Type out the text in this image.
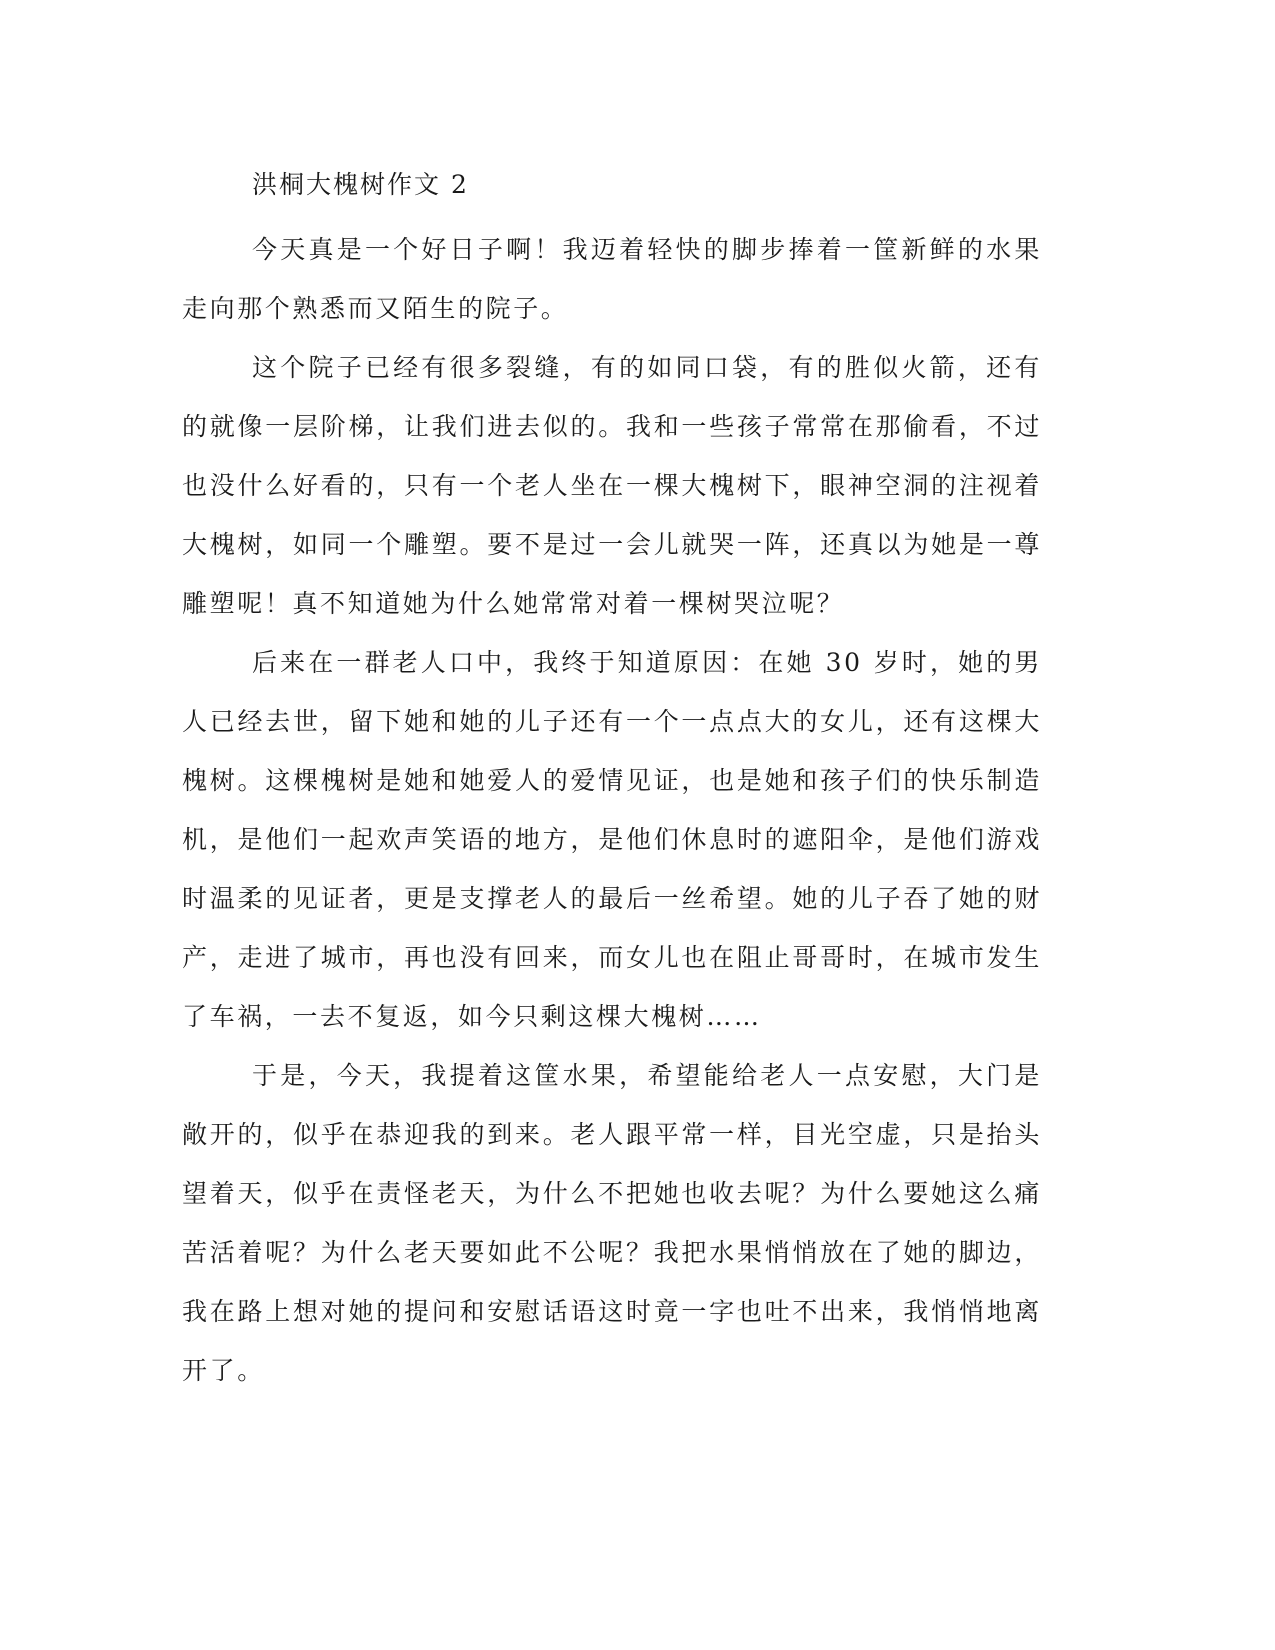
洪桐大槐树作文 2

今天真是一个好日子啊！我迈着轻快的脚步捧着一筐新鲜的水果走向那个熟悉而又陌生的院子。

这个院子已经有很多裂缝，有的如同口袋，有的胜似火箭，还有的就像一层阶梯，让我们进去似的。我和一些孩子常常在那偷看，不过也没什么好看的，只有一个老人坐在一棵大槐树下，眼神空洞的注视着大槐树，如同一个雕塑。要不是过一会儿就哭一阵，还真以为她是一尊雕塑呢！真不知道她为什么她常常对着一棵树哭泣呢？

后来在一群老人口中，我终于知道原因：在她 30 岁时，她的男人已经去世，留下她和她的儿子还有一个一点点大的女儿，还有这棵大槐树。这棵槐树是她和她爱人的爱情见证，也是她和孩子们的快乐制造机，是他们一起欢声笑语的地方，是他们休息时的遮阳伞，是他们游戏时温柔的见证者，更是支撑老人的最后一丝希望。她的儿子吞了她的财产，走进了城市，再也没有回来，而女儿也在阻止哥哥时，在城市发生了车祸，一去不复返，如今只剩这棵大槐树……

于是，今天，我提着这筐水果，希望能给老人一点安慰，大门是敞开的，似乎在恭迎我的到来。老人跟平常一样，目光空虚，只是抬头望着天，似乎在责怪老天，为什么不把她也收去呢？为什么要她这么痛苦活着呢？为什么老天要如此不公呢？我把水果悄悄放在了她的脚边，我在路上想对她的提问和安慰话语这时竟一字也吐不出来，我悄悄地离开了。
